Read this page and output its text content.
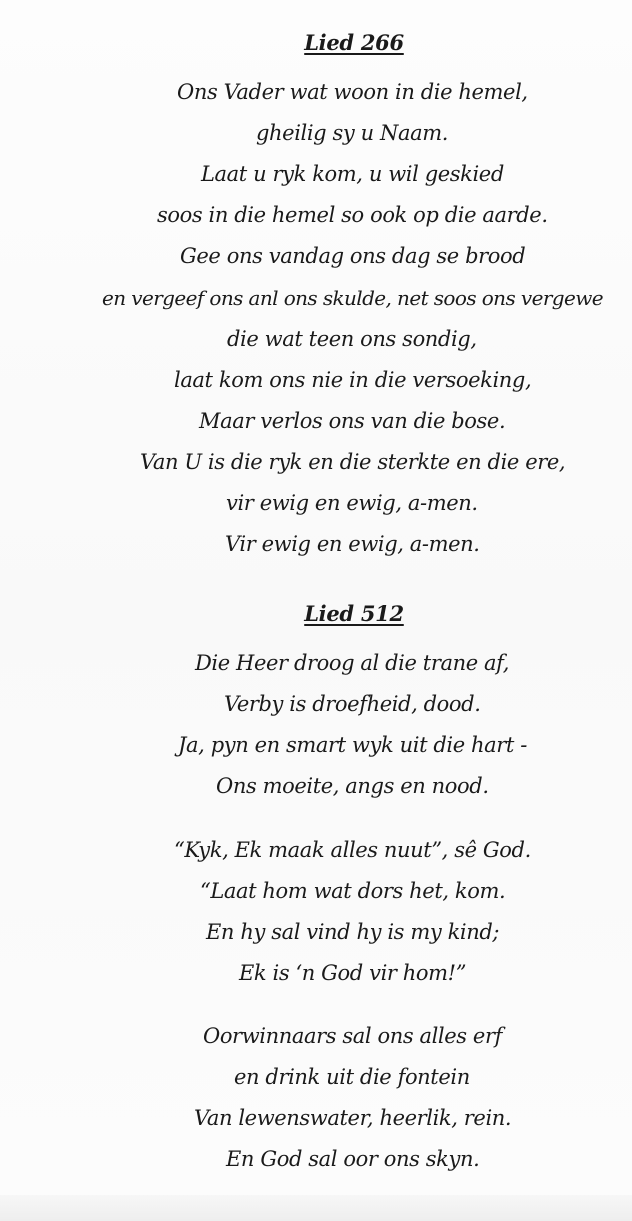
Lied 266
Ons Vader wat woon in die hemel,
gheilig sy u Naam.
Laat u ryk kom, u wil geskied
soos in die hemel so ook op die aarde.
Gee ons vandag ons dag se brood
en vergeef ons anl ons skulde, net soos ons vergewe
die wat teen ons sondig,
laat kom ons nie in die versoeking,
Maar verlos ons van die bose.
Van U is die ryk en die sterkte en die ere,
vir ewig en ewig, a-men.
Vir ewig en ewig, a-men.
Lied 512
Die Heer droog al die trane af,
Verby is droefheid, dood.
Ja, pyn en smart wyk uit die hart -
Ons moeite, angs en nood.
“Kyk, Ek maak alles nuut”, sê God.
“Laat hom wat dors het, kom.
En hy sal vind hy is my kind;
Ek is ‘n God vir hom!”
Oorwinnaars sal ons alles erf
en drink uit die fontein
Van lewenswater, heerlik, rein.
En God sal oor ons skyn.
